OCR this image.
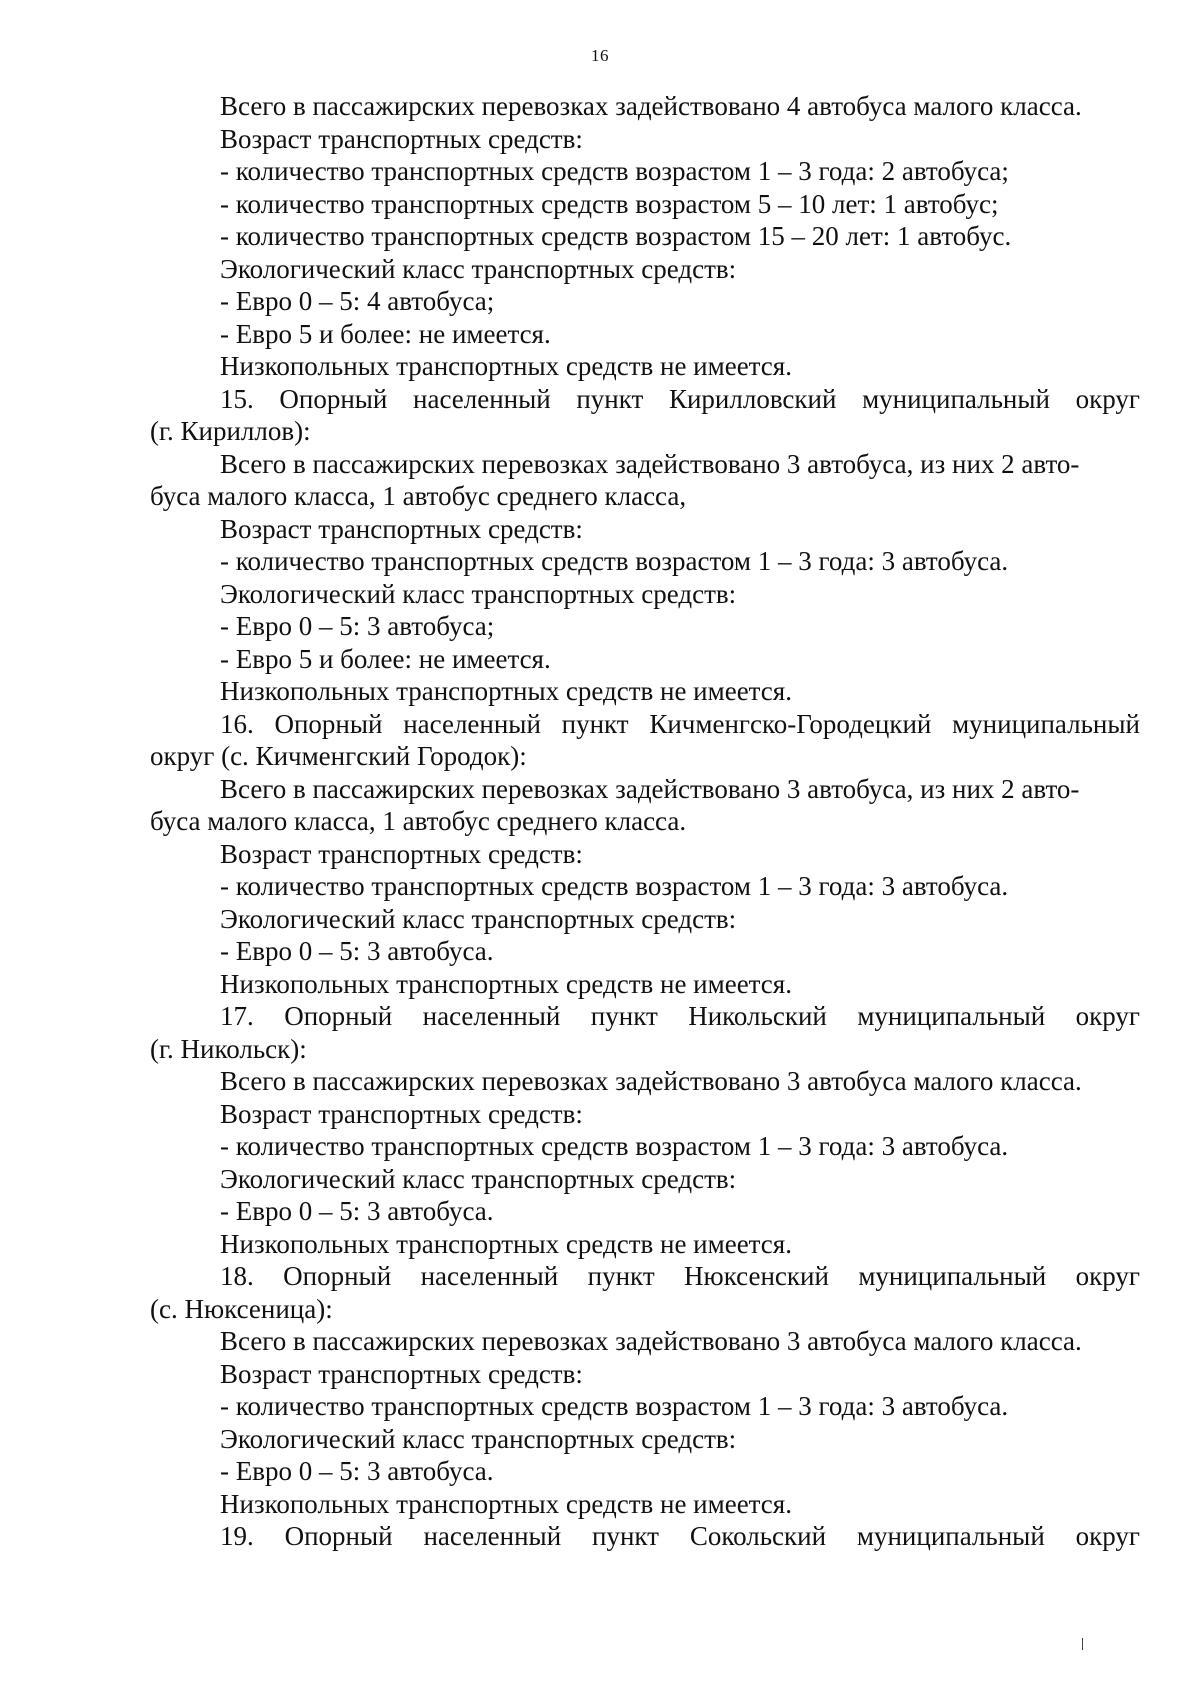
16
Всего в пассажирских перевозках задействовано 4 автобуса малого класса.
Возраст транспортных средств:
- количество транспортных средств возрастом 1 – 3 года: 2 автобуса;
- количество транспортных средств возрастом 5 – 10 лет: 1 автобус;
- количество транспортных средств возрастом 15 – 20 лет: 1 автобус.
Экологический класс транспортных средств:
- Евро 0 – 5: 4 автобуса;
- Евро 5 и более: не имеется.
Низкопольных транспортных средств не имеется.
15. Опорный населенный пункт Кирилловский муниципальный округ
(г. Кириллов):
Всего в пассажирских перевозках задействовано 3 автобуса, из них 2 авто-
буса малого класса, 1 автобус среднего класса,
Возраст транспортных средств:
- количество транспортных средств возрастом 1 – 3 года: 3 автобуса.
Экологический класс транспортных средств:
- Евро 0 – 5: 3 автобуса;
- Евро 5 и более: не имеется.
Низкопольных транспортных средств не имеется.
16. Опорный населенный пункт Кичменгско-Городецкий муниципальный
округ (с. Кичменгский Городок):
Всего в пассажирских перевозках задействовано 3 автобуса, из них 2 авто-
буса малого класса, 1 автобус среднего класса.
Возраст транспортных средств:
- количество транспортных средств возрастом 1 – 3 года: 3 автобуса.
Экологический класс транспортных средств:
- Евро 0 – 5: 3 автобуса.
Низкопольных транспортных средств не имеется.
17. Опорный населенный пункт Никольский муниципальный округ
(г. Никольск):
Всего в пассажирских перевозках задействовано 3 автобуса малого класса.
Возраст транспортных средств:
- количество транспортных средств возрастом 1 – 3 года: 3 автобуса.
Экологический класс транспортных средств:
- Евро 0 – 5: 3 автобуса.
Низкопольных транспортных средств не имеется.
18. Опорный населенный пункт Нюксенский муниципальный округ
(с. Нюксеница):
Всего в пассажирских перевозках задействовано 3 автобуса малого класса.
Возраст транспортных средств:
- количество транспортных средств возрастом 1 – 3 года: 3 автобуса.
Экологический класс транспортных средств:
- Евро 0 – 5: 3 автобуса.
Низкопольных транспортных средств не имеется.
19. Опорный населенный пункт Сокольский муниципальный округ
